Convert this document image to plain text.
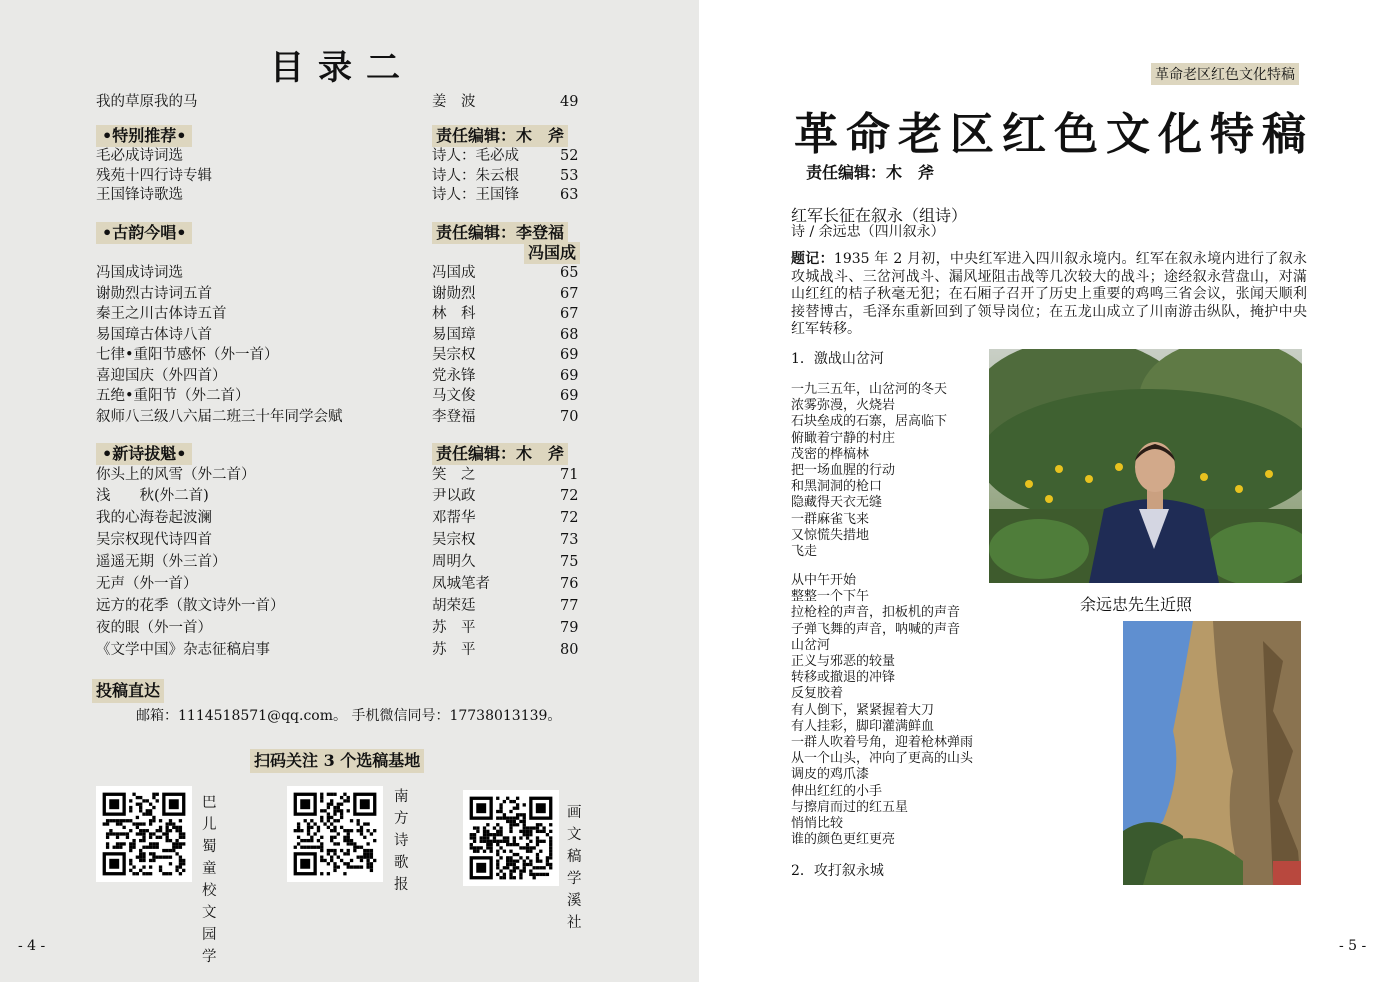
目录二
我的草原我的马	姜　波	49
•特别推荐•	责任编辑：木　斧
毛必成诗词选	诗人：毛必成	52
残苑十四行诗专辑	诗人：朱云根	53
王国锋诗歌选	诗人：王国锋	63
•古韵今唱•	责任编辑：李登福
冯国成
冯国成诗词选	冯国成	65
谢勋烈古诗词五首	谢勋烈	67
秦王之川古体诗五首	林　科	67
易国璋古体诗八首	易国璋	68
七律•重阳节感怀（外一首）	吴宗权	69
喜迎国庆（外四首）	党永锋	69
五绝•重阳节（外二首）	马文俊	69
叙师八三级八六届二班三十年同学会赋	李登福	70
•新诗拔魁•	责任编辑：木　斧
你头上的风雪（外二首）	笑　之	71
浅　　秋(外二首)	尹以政	72
我的心海卷起波澜	邓帮华	72
吴宗权现代诗四首	吴宗权	73
遥遥无期（外三首）	周明久	75
无声（外一首）	凤城笔者	76
远方的花季（散文诗外一首）	胡荣廷	77
夜的眼（外一首）	苏　平	79
《文学中国》杂志征稿启事	苏　平	80
投稿直达
邮箱：1114518571@qq.com。 手机微信同号：17738013139。
扫码关注 3 个选稿基地
巴儿蜀童校文园学
南方诗歌报
画文稿学溪社
- 4 -
革命老区红色文化特稿
革命老区红色文化特稿
责任编辑：木　斧
红军长征在叙永（组诗）
诗 / 余远忠（四川叙永）
题记：1935 年 2 月初，中央红军进入四川叙永境内。红军在叙永境内进行了叙永攻城战斗、三岔河战斗、漏风垭阻击战等几次较大的战斗；途经叙永营盘山，对滿山红红的桔子秋毫无犯；在石厢子召开了历史上重要的鸡鸣三省会议，张闻天顺利接替博古，毛泽东重新回到了领导岗位；在五龙山成立了川南游击纵队，掩护中央红军转移。
1．激战山岔河
一九三五年，山岔河的冬天
浓雾弥漫，火烧岩
石块垒成的石寨，居高临下
俯瞰着宁静的村庄
茂密的桦槁林
把一场血腥的行动
和黑洞洞的枪口
隐藏得天衣无缝
一群麻雀飞来
又惊慌失措地
飞走
从中午开始
整整一个下午
拉枪栓的声音，扣板机的声音
子弹飞舞的声音，呐喊的声音
山岔河
正义与邪恶的较量
转移或撤退的冲锋
反复胶着
有人倒下，紧紧握着大刀
有人挂彩，脚印灌满鲜血
一群人吹着号角，迎着枪林弹雨
从一个山头，冲向了更高的山头
调皮的鸡爪漆
伸出红红的小手
与擦肩而过的红五星
悄悄比较
谁的颜色更红更亮
2．攻打叙永城
余远忠先生近照
- 5 -
